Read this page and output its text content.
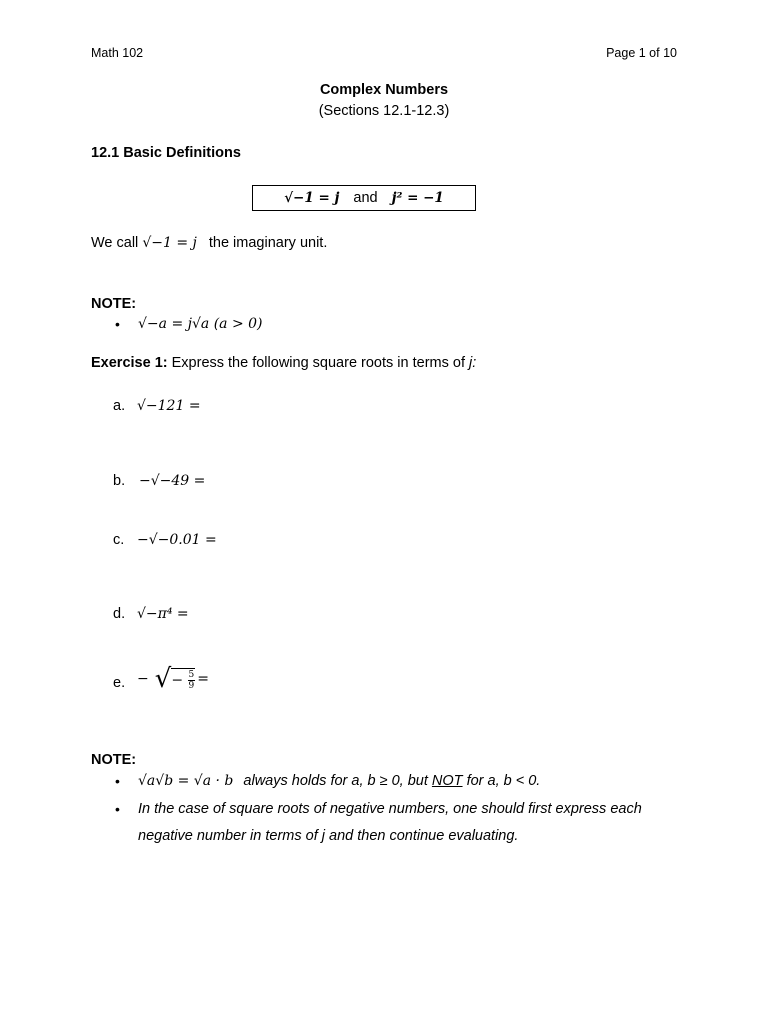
Math 102	Page 1 of 10
Complex Numbers
(Sections 12.1-12.3)
12.1 Basic Definitions
√−1 = j and j² = −1
We call √−1 = j the imaginary unit.
NOTE:
• √−a = j√a (a > 0)
Exercise 1: Express the following square roots in terms of j:
a. √−121 =
b. −√−49 =
c. −√−0.01 =
d. √−π⁴ =
e. − √ − $\frac{5}{9}$ =
NOTE:
• √a√b = √a · b always holds for a, b ≥ 0, but NOT for a, b < 0.
• In the case of square roots of negative numbers, one should first express each
negative number in terms of j and then continue evaluating.
